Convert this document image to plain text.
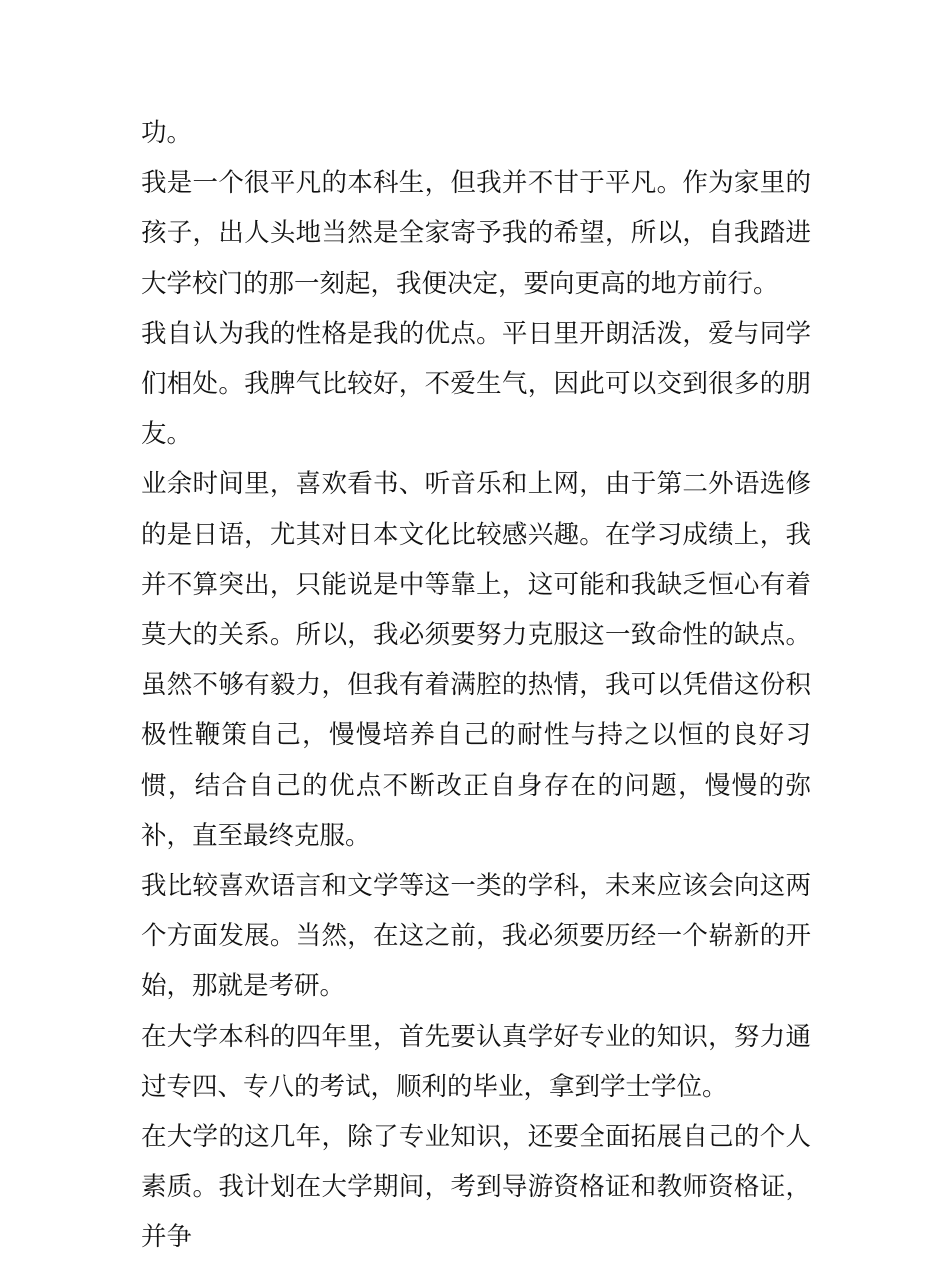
功。

我是一个很平凡的本科生，但我并不甘于平凡。作为家里的孩子，出人头地当然是全家寄予我的希望，所以，自我踏进大学校门的那一刻起，我便决定，要向更高的地方前行。

我自认为我的性格是我的优点。平日里开朗活泼，爱与同学们相处。我脾气比较好，不爱生气，因此可以交到很多的朋友。

业余时间里，喜欢看书、听音乐和上网，由于第二外语选修的是日语，尤其对日本文化比较感兴趣。在学习成绩上，我并不算突出，只能说是中等靠上，这可能和我缺乏恒心有着莫大的关系。所以，我必须要努力克服这一致命性的缺点。虽然不够有毅力，但我有着满腔的热情，我可以凭借这份积极性鞭策自己，慢慢培养自己的耐性与持之以恒的良好习惯，结合自己的优点不断改正自身存在的问题，慢慢的弥补，直至最终克服。

我比较喜欢语言和文学等这一类的学科，未来应该会向这两个方面发展。当然，在这之前，我必须要历经一个崭新的开始，那就是考研。

在大学本科的四年里，首先要认真学好专业的知识，努力通过专四、专八的考试，顺利的毕业，拿到学士学位。

在大学的这几年，除了专业知识，还要全面拓展自己的个人素质。我计划在大学期间，考到导游资格证和教师资格证，并争
